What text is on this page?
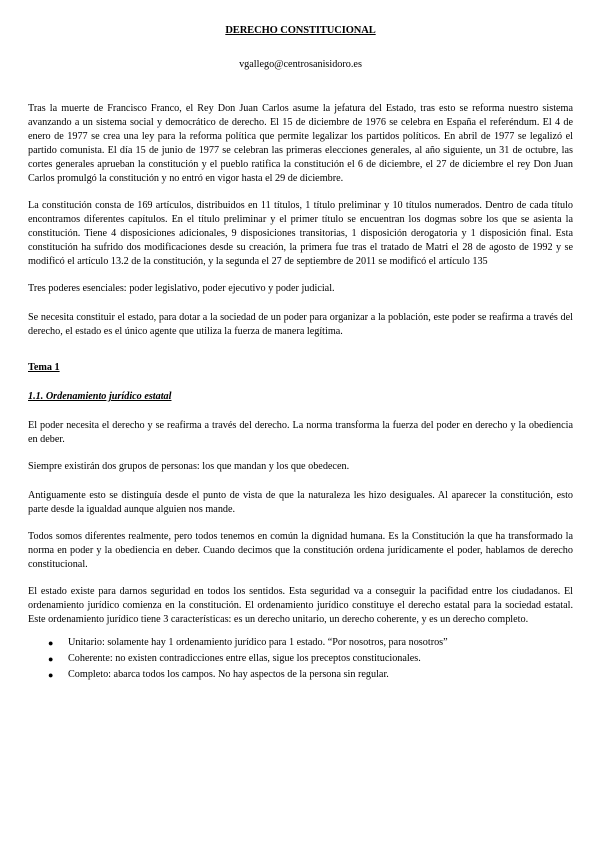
DERECHO CONSTITUCIONAL
vgallego@centrosanisidoro.es

Tras la muerte de Francisco Franco, el Rey Don Juan Carlos asume la jefatura del Estado, tras esto se reforma nuestro sistema avanzando a un sistema social y democrático de derecho. El 15 de diciembre de 1976 se celebra en España el referéndum. El 4 de enero de 1977 se crea una ley para la reforma política que permite legalizar los partidos políticos. En abril de 1977 se legalizó el partido comunista. El día 15 de junio de 1977 se celebran las primeras elecciones generales, al año siguiente, un 31 de octubre, las cortes generales aprueban la constitución y el pueblo ratifica la constitución el 6 de diciembre, el 27 de diciembre el rey Don Juan Carlos promulgó la constitución y no entró en vigor hasta el 29 de diciembre.

La constitución consta de 169 artículos, distribuidos en 11 títulos, 1 título preliminar y 10 títulos numerados. Dentro de cada título encontramos diferentes capítulos. En el título preliminar y el primer título se encuentran los dogmas sobre los que se asienta la constitución. Tiene 4 disposiciones adicionales, 9 disposiciones transitorias, 1 disposición derogatoria y 1 disposición final. Esta constitución ha sufrido dos modificaciones desde su creación, la primera fue tras el tratado de Matri el 28 de agosto de 1992 y se modificó el artículo 13.2 de la constitución, y la segunda el 27 de septiembre de 2011 se modificó el artículo 135

Tres poderes esenciales: poder legislativo, poder ejecutivo y poder judicial.

Se necesita constituir el estado, para dotar a la sociedad de un poder para organizar a la población, este poder se reafirma a través del derecho, el estado es el único agente que utiliza la fuerza de manera legítima.

Tema 1
1.1. Ordenamiento jurídico estatal

El poder necesita el derecho y se reafirma a través del derecho. La norma transforma la fuerza del poder en derecho y la obediencia en deber.

Siempre existirán dos grupos de personas: los que mandan y los que obedecen.

Antiguamente esto se distinguía desde el punto de vista de que la naturaleza les hizo desiguales. Al aparecer la constitución, esto parte desde la igualdad aunque alguien nos mande.

Todos somos diferentes realmente, pero todos tenemos en común la dignidad humana. Es la Constitución la que ha transformado la norma en poder y la obediencia en deber. Cuando decimos que la constitución ordena jurídicamente el poder, hablamos de derecho constitucional.

El estado existe para darnos seguridad en todos los sentidos. Esta seguridad va a conseguir la pacifidad entre los ciudadanos. El ordenamiento jurídico comienza en la constitución. El ordenamiento jurídico constituye el derecho estatal para la sociedad estatal. Este ordenamiento jurídico tiene 3 características: es un derecho unitario, un derecho coherente, y es un derecho completo.

● Unitario: solamente hay 1 ordenamiento jurídico para 1 estado. “Por nosotros, para nosotros”
● Coherente: no existen contradicciones entre ellas, sigue los preceptos constitucionales.
● Completo: abarca todos los campos. No hay aspectos de la persona sin regular.
